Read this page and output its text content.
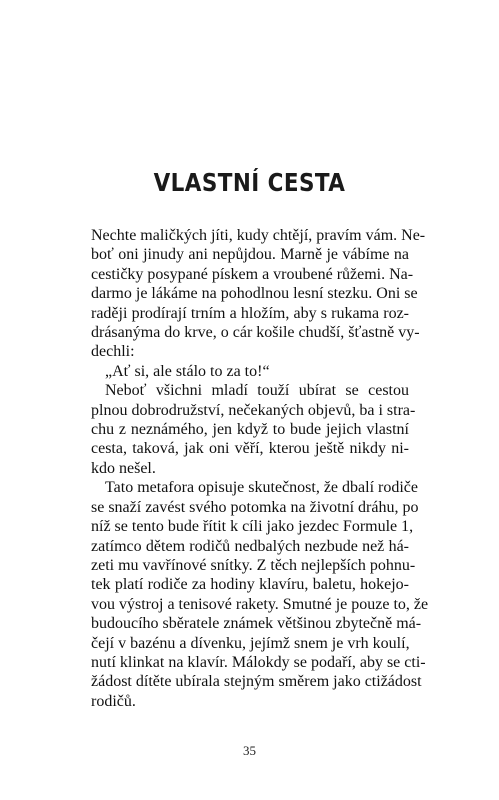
VLASTNÍ CESTA

Nechte maličkých jíti, kudy chtějí, pravím vám. Ne-
boť oni jinudy ani nepůjdou. Marně je vábíme na
cestičky posypané pískem a vroubené růžemi. Na-
darmo je lákáme na pohodlnou lesní stezku. Oni se
raději prodírají trním a hložím, aby s rukama roz-
drásanýma do krve, o cár košile chudší, šťastně vy-
dechli:

„Ať si, ale stálo to za to!“

Neboť všichni mladí touží ubírat se cestou
plnou dobrodružství, nečekaných objevů, ba i stra-
chu z neznámého, jen když to bude jejich vlastní
cesta, taková, jak oni věří, kterou ještě nikdy ni-
kdo nešel.

Tato metafora opisuje skutečnost, že dbalí rodiče
se snaží zavést svého potomka na životní dráhu, po
níž se tento bude řítit k cíli jako jezdec Formule 1,
zatímco dětem rodičů nedbalých nezbude než há-
zeti mu vavřínové snítky. Z těch nejlepších pohnu-
tek platí rodiče za hodiny klavíru, baletu, hokejo-
vou výstroj a tenisové rakety. Smutné je pouze to, že
budoucího sběratele známek většinou zbytečně má-
čejí v bazénu a dívenku, jejímž snem je vrh koulí,
nutí klinkat na klavír. Málokdy se podaří, aby se cti-
žádost dítěte ubírala stejným směrem jako ctižádost
rodičů.

35
